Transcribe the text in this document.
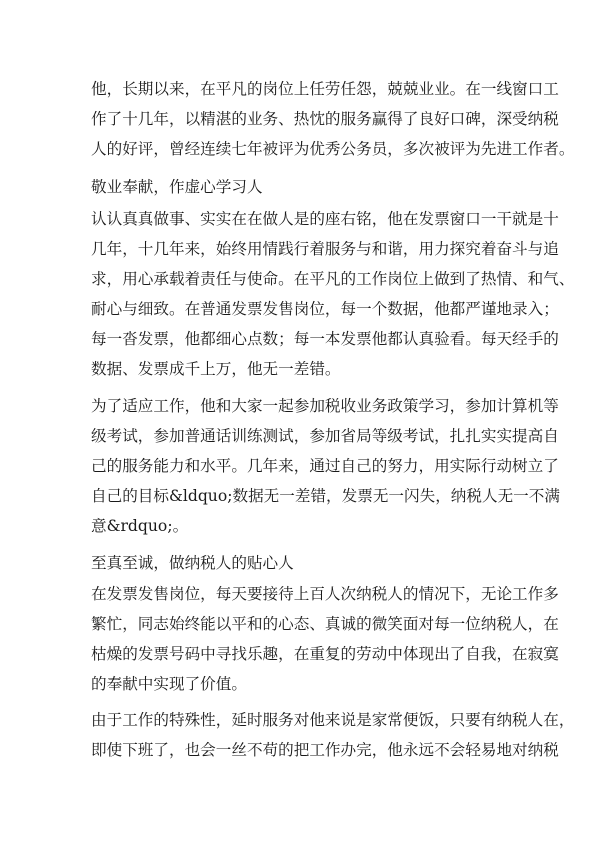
他，长期以来，在平凡的岗位上任劳任怨，兢兢业业。在一线窗口工
作了十几年，以精湛的业务、热忱的服务赢得了良好口碑，深受纳税
人的好评，曾经连续七年被评为优秀公务员，多次被评为先进工作者。
敬业奉献，作虚心学习人
认认真真做事、实实在在做人是的座右铭，他在发票窗口一干就是十
几年，十几年来，始终用情践行着服务与和谐，用力探究着奋斗与追
求，用心承载着责任与使命。在平凡的工作岗位上做到了热情、和气、
耐心与细致。在普通发票发售岗位，每一个数据，他都严谨地录入；
每一沓发票，他都细心点数；每一本发票他都认真验看。每天经手的
数据、发票成千上万，他无一差错。
为了适应工作，他和大家一起参加税收业务政策学习，参加计算机等
级考试，参加普通话训练测试，参加省局等级考试，扎扎实实提高自
己的服务能力和水平。几年来，通过自己的努力，用实际行动树立了
自己的目标&ldquo;数据无一差错，发票无一闪失，纳税人无一不满
意&rdquo;。
至真至诚，做纳税人的贴心人
在发票发售岗位，每天要接待上百人次纳税人的情况下，无论工作多
繁忙，同志始终能以平和的心态、真诚的微笑面对每一位纳税人，在
枯燥的发票号码中寻找乐趣，在重复的劳动中体现出了自我，在寂寞
的奉献中实现了价值。
由于工作的特殊性，延时服务对他来说是家常便饭，只要有纳税人在，
即使下班了，也会一丝不苟的把工作办完，他永远不会轻易地对纳税
